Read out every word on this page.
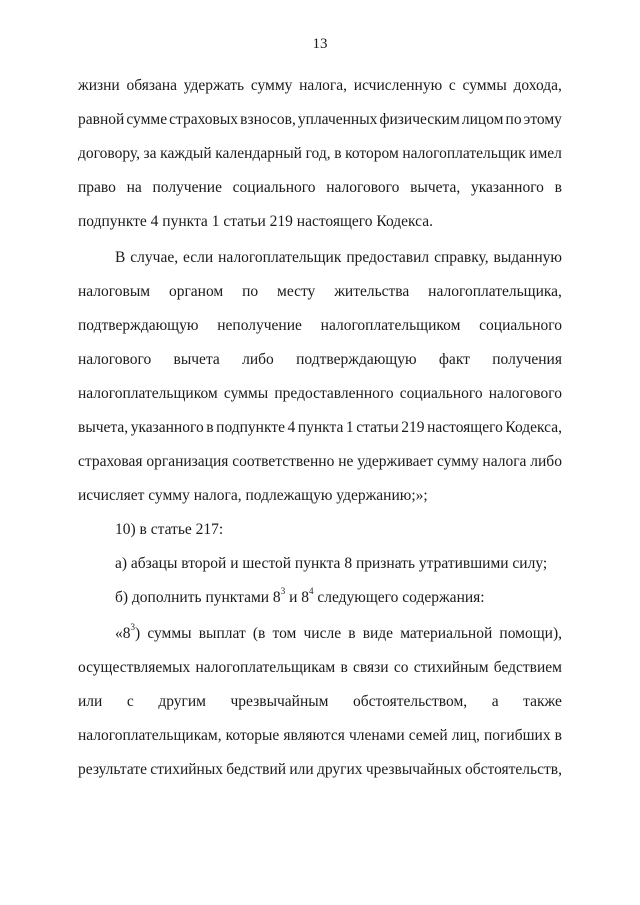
13
жизни обязана удержать сумму налога, исчисленную с суммы дохода,
равной сумме страховых взносов, уплаченных физическим лицом по этому
договору, за каждый календарный год, в котором налогоплательщик имел
право на получение социального налогового вычета, указанного в
подпункте 4 пункта 1 статьи 219 настоящего Кодекса.
В случае, если налогоплательщик предоставил справку, выданную
налоговым органом по месту жительства налогоплательщика,
подтверждающую неполучение налогоплательщиком социального
налогового вычета либо подтверждающую факт получения
налогоплательщиком суммы предоставленного социального налогового
вычета, указанного в подпункте 4 пункта 1 статьи 219 настоящего Кодекса,
страховая организация соответственно не удерживает сумму налога либо
исчисляет сумму налога, подлежащую удержанию;»;
10) в статье 217:
а) абзацы второй и шестой пункта 8 признать утратившими силу;
б) дополнить пунктами $8^3$ и $8^4$ следующего содержания:
«$8^3$) суммы выплат (в том числе в виде материальной помощи),
осуществляемых налогоплательщикам в связи со стихийным бедствием
или с другим чрезвычайным обстоятельством, а также
налогоплательщикам, которые являются членами семей лиц, погибших в
результате стихийных бедствий или других чрезвычайных обстоятельств,
